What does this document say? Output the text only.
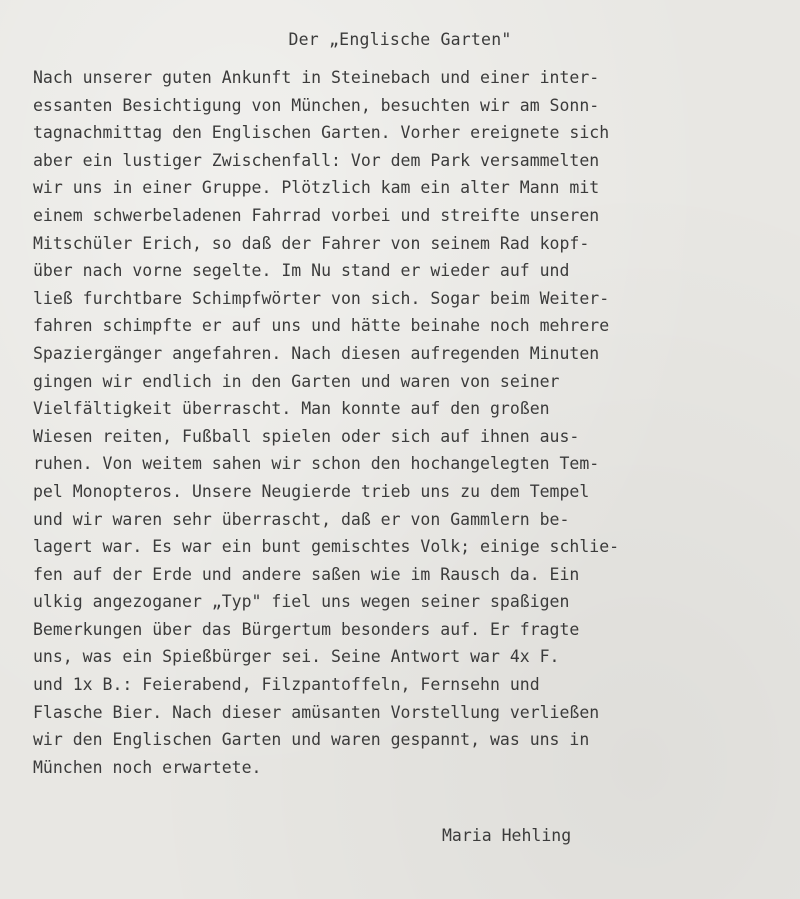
Der „Englische Garten"
Nach unserer guten Ankunft in Steinebach und einer inter-
essanten Besichtigung von München, besuchten wir am Sonn-
tagnachmittag den Englischen Garten. Vorher ereignete sich
aber ein lustiger Zwischenfall: Vor dem Park versammelten
wir uns in einer Gruppe. Plötzlich kam ein alter Mann mit
einem schwerbeladenen Fahrrad vorbei und streifte unseren
Mitschüler Erich, so daß der Fahrer von seinem Rad kopf-
über nach vorne segelte. Im Nu stand er wieder auf und
ließ furchtbare Schimpfwörter von sich. Sogar beim Weiter-
fahren schimpfte er auf uns und hätte beinahe noch mehrere
Spaziergänger angefahren. Nach diesen aufregenden Minuten
gingen wir endlich in den Garten und waren von seiner
Vielfältigkeit überrascht. Man konnte auf den großen
Wiesen reiten, Fußball spielen oder sich auf ihnen aus-
ruhen. Von weitem sahen wir schon den hochangelegten Tem-
pel Monopteros. Unsere Neugierde trieb uns zu dem Tempel
und wir waren sehr überrascht, daß er von Gammlern be-
lagert war. Es war ein bunt gemischtes Volk; einige schlie-
fen auf der Erde und andere saßen wie im Rausch da. Ein
ulkig angezoganer „Typ" fiel uns wegen seiner spaßigen
Bemerkungen über das Bürgertum besonders auf. Er fragte
uns, was ein Spießbürger sei. Seine Antwort war 4x F.
und 1x B.: Feierabend, Filzpantoffeln, Fernsehn und
Flasche Bier. Nach dieser amüsanten Vorstellung verließen
wir den Englischen Garten und waren gespannt, was uns in
München noch erwartete.
Maria Hehling
